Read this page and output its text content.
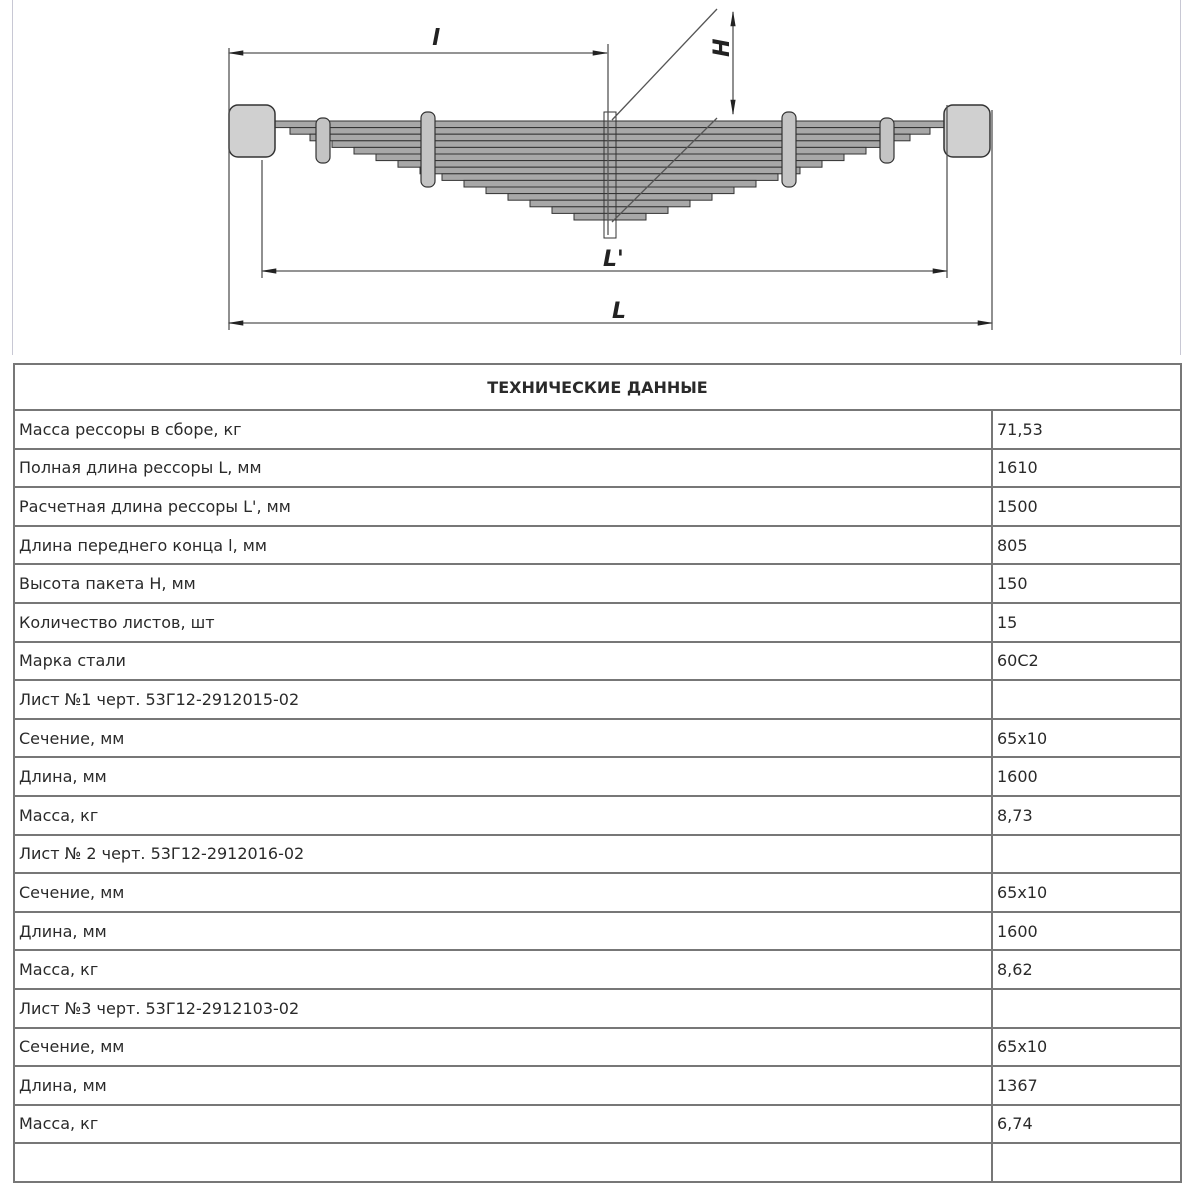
l	H
L'
L
ТЕХНИЧЕСКИЕ ДАННЫЕ	
Масса рессоры в сборе, кг	71,53
Полная длина рессоры L, мм	1610
Расчетная длина рессоры L', мм	1500
Длина переднего конца l, мм	805
Высота пакета H, мм	150
Количество листов, шт	15
Марка стали	60С2
Лист №1 черт. 53Г12-2912015-02	
Сечение, мм	65x10
Длина, мм	1600
Масса, кг	8,73
Лист № 2 черт. 53Г12-2912016-02	
Сечение, мм	65x10
Длина, мм	1600
Масса, кг	8,62
Лист №3 черт. 53Г12-2912103-02	
Сечение, мм	65x10
Длина, мм	1367
Масса, кг	6,74
